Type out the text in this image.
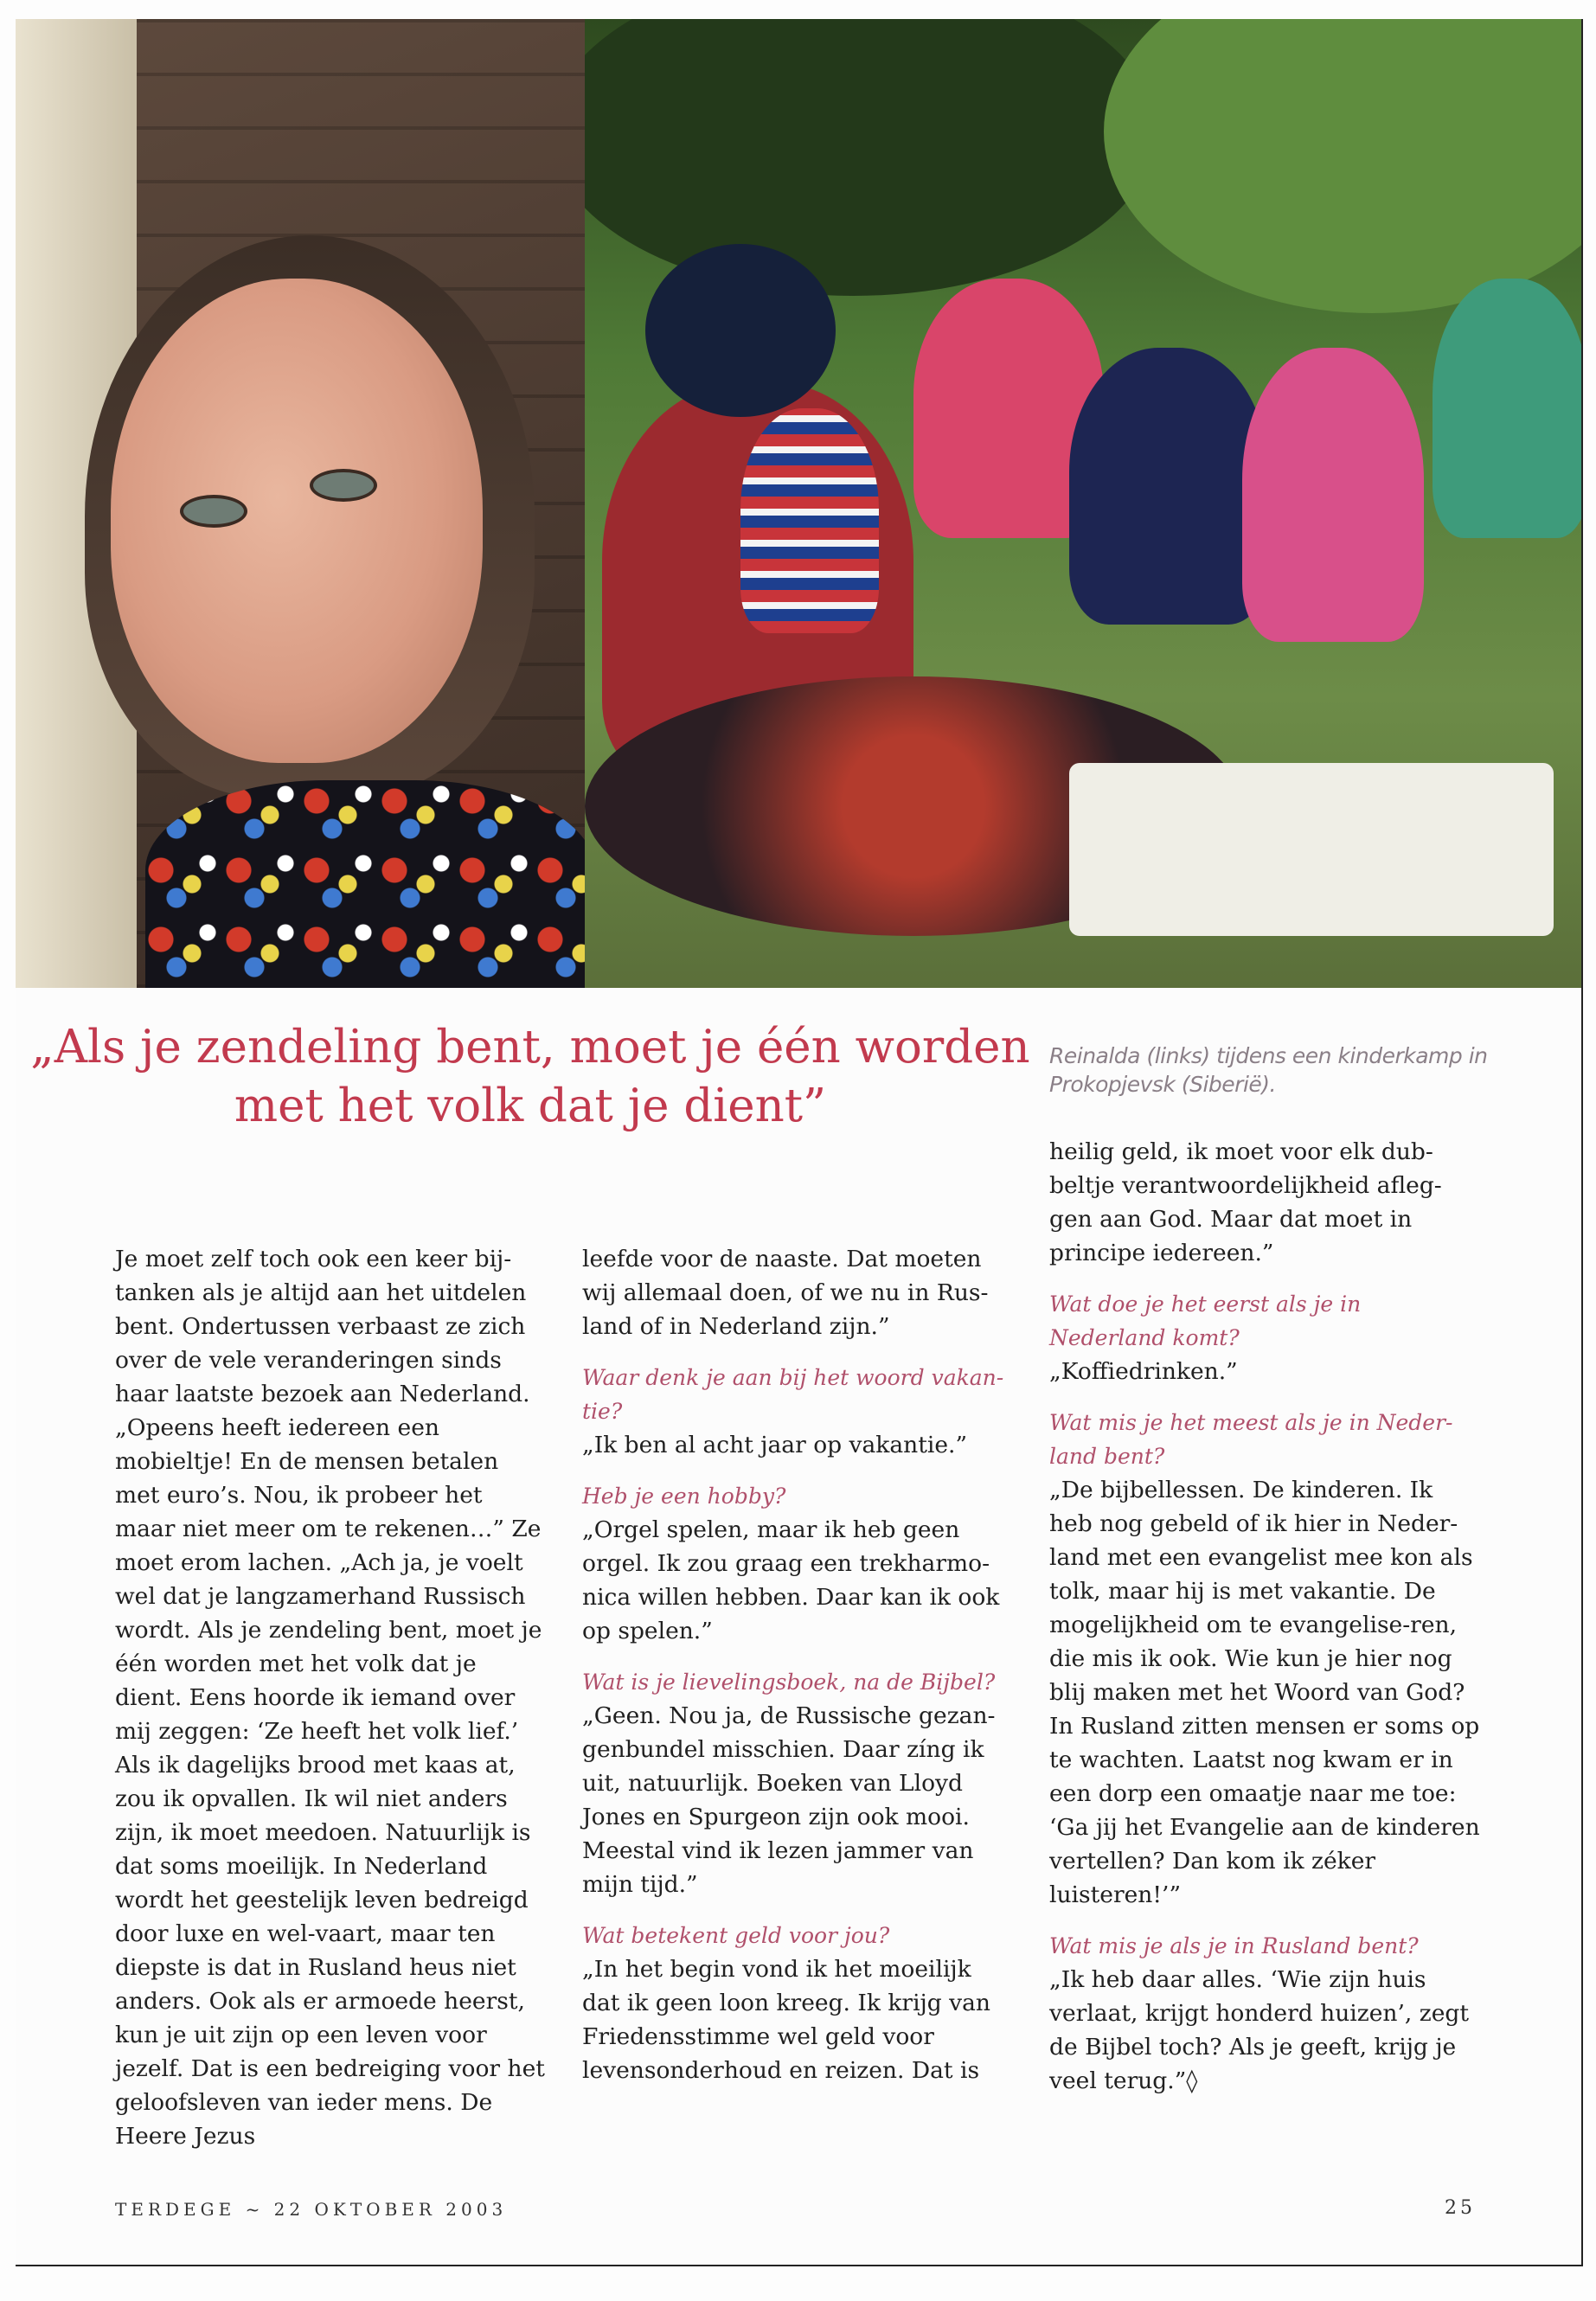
„Als je zendeling bent, moet je één worden met het volk dat je dient”
Reinalda (links) tijdens een kinderkamp in Prokopjevsk (Siberië).

Je moet zelf toch ook een keer bij-tanken als je altijd aan het uitdelen bent. Ondertussen verbaast ze zich over de vele veranderingen sinds haar laatste bezoek aan Nederland. „Opeens heeft iedereen een mobieltje! En de mensen betalen met euro’s. Nou, ik probeer het maar niet meer om te rekenen…” Ze moet erom lachen. „Ach ja, je voelt wel dat je langzamerhand Russisch wordt. Als je zendeling bent, moet je één worden met het volk dat je dient. Eens hoorde ik iemand over mij zeggen: ‘Ze heeft het volk lief.’ Als ik dagelijks brood met kaas at, zou ik opvallen. Ik wil niet anders zijn, ik moet meedoen. Natuurlijk is dat soms moeilijk. In Nederland wordt het geestelijk leven bedreigd door luxe en wel-vaart, maar ten diepste is dat in Rusland heus niet anders. Ook als er armoede heerst, kun je uit zijn op een leven voor jezelf. Dat is een bedreiging voor het geloofsleven van ieder mens. De Heere Jezus

leefde voor de naaste. Dat moeten wij allemaal doen, of we nu in Rus-land of in Nederland zijn.”

Waar denk je aan bij het woord vakan-tie?

„Ik ben al acht jaar op vakantie.”

Heb je een hobby?

„Orgel spelen, maar ik heb geen orgel. Ik zou graag een trekharmo-nica willen hebben. Daar kan ik ook op spelen.”

Wat is je lievelingsboek, na de Bijbel?

„Geen. Nou ja, de Russische gezan-genbundel misschien. Daar zíng ik uit, natuurlijk. Boeken van Lloyd Jones en Spurgeon zijn ook mooi. Meestal vind ik lezen jammer van mijn tijd.”

Wat betekent geld voor jou?

„In het begin vond ik het moeilijk dat ik geen loon kreeg. Ik krijg van Friedensstimme wel geld voor levensonderhoud en reizen. Dat is

heilig geld, ik moet voor elk dub-beltje verantwoordelijkheid afleg-gen aan God. Maar dat moet in principe iedereen.”

Wat doe je het eerst als je in Nederland komt?

„Koffiedrinken.”

Wat mis je het meest als je in Neder-land bent?

„De bijbellessen. De kinderen. Ik heb nog gebeld of ik hier in Neder-land met een evangelist mee kon als tolk, maar hij is met vakantie. De mogelijkheid om te evangelise-ren, die mis ik ook. Wie kun je hier nog blij maken met het Woord van God? In Rusland zitten mensen er soms op te wachten. Laatst nog kwam er in een dorp een omaatje naar me toe: ‘Ga jij het Evangelie aan de kinderen vertellen? Dan kom ik zéker luisteren!’”

Wat mis je als je in Rusland bent?

„Ik heb daar alles. ‘Wie zijn huis verlaat, krijgt honderd huizen’, zegt de Bijbel toch? Als je geeft, krijg je veel terug.”◊

TERDEGE ~ 22 OKTOBER 2003	25
